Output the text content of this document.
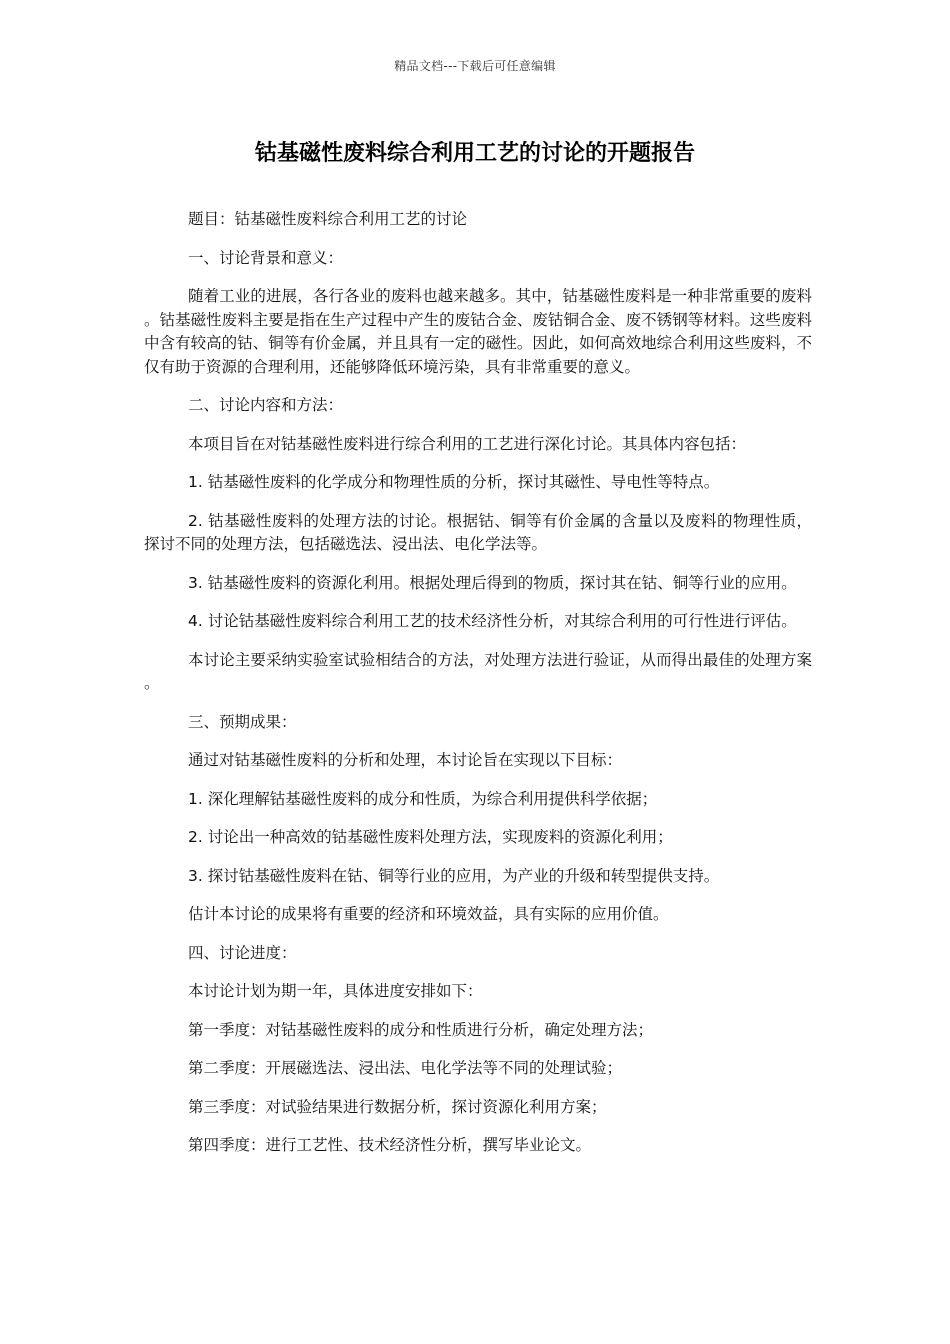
精品文档---下载后可任意编辑
钴基磁性废料综合利用工艺的讨论的开题报告

题目：钴基磁性废料综合利用工艺的讨论

一、讨论背景和意义：

随着工业的进展，各行各业的废料也越来越多。其中，钴基磁性废料是一种非常重要的废料。钴基磁性废料主要是指在生产过程中产生的废钴合金、废钴铜合金、废不锈钢等材料。这些废料中含有较高的钴、铜等有价金属，并且具有一定的磁性。因此，如何高效地综合利用这些废料，不仅有助于资源的合理利用，还能够降低环境污染，具有非常重要的意义。

二、讨论内容和方法：

本项目旨在对钴基磁性废料进行综合利用的工艺进行深化讨论。其具体内容包括：

1. 钴基磁性废料的化学成分和物理性质的分析，探讨其磁性、导电性等特点。

2. 钴基磁性废料的处理方法的讨论。根据钴、铜等有价金属的含量以及废料的物理性质，探讨不同的处理方法，包括磁选法、浸出法、电化学法等。

3. 钴基磁性废料的资源化利用。根据处理后得到的物质，探讨其在钴、铜等行业的应用。

4. 讨论钴基磁性废料综合利用工艺的技术经济性分析，对其综合利用的可行性进行评估。

本讨论主要采纳实验室试验相结合的方法，对处理方法进行验证，从而得出最佳的处理方案。

三、预期成果：

通过对钴基磁性废料的分析和处理，本讨论旨在实现以下目标：

1. 深化理解钴基磁性废料的成分和性质，为综合利用提供科学依据；

2. 讨论出一种高效的钴基磁性废料处理方法，实现废料的资源化利用；

3. 探讨钴基磁性废料在钴、铜等行业的应用，为产业的升级和转型提供支持。

估计本讨论的成果将有重要的经济和环境效益，具有实际的应用价值。

四、讨论进度：

本讨论计划为期一年，具体进度安排如下：

第一季度：对钴基磁性废料的成分和性质进行分析，确定处理方法；

第二季度：开展磁选法、浸出法、电化学法等不同的处理试验；

第三季度：对试验结果进行数据分析，探讨资源化利用方案；

第四季度：进行工艺性、技术经济性分析，撰写毕业论文。
